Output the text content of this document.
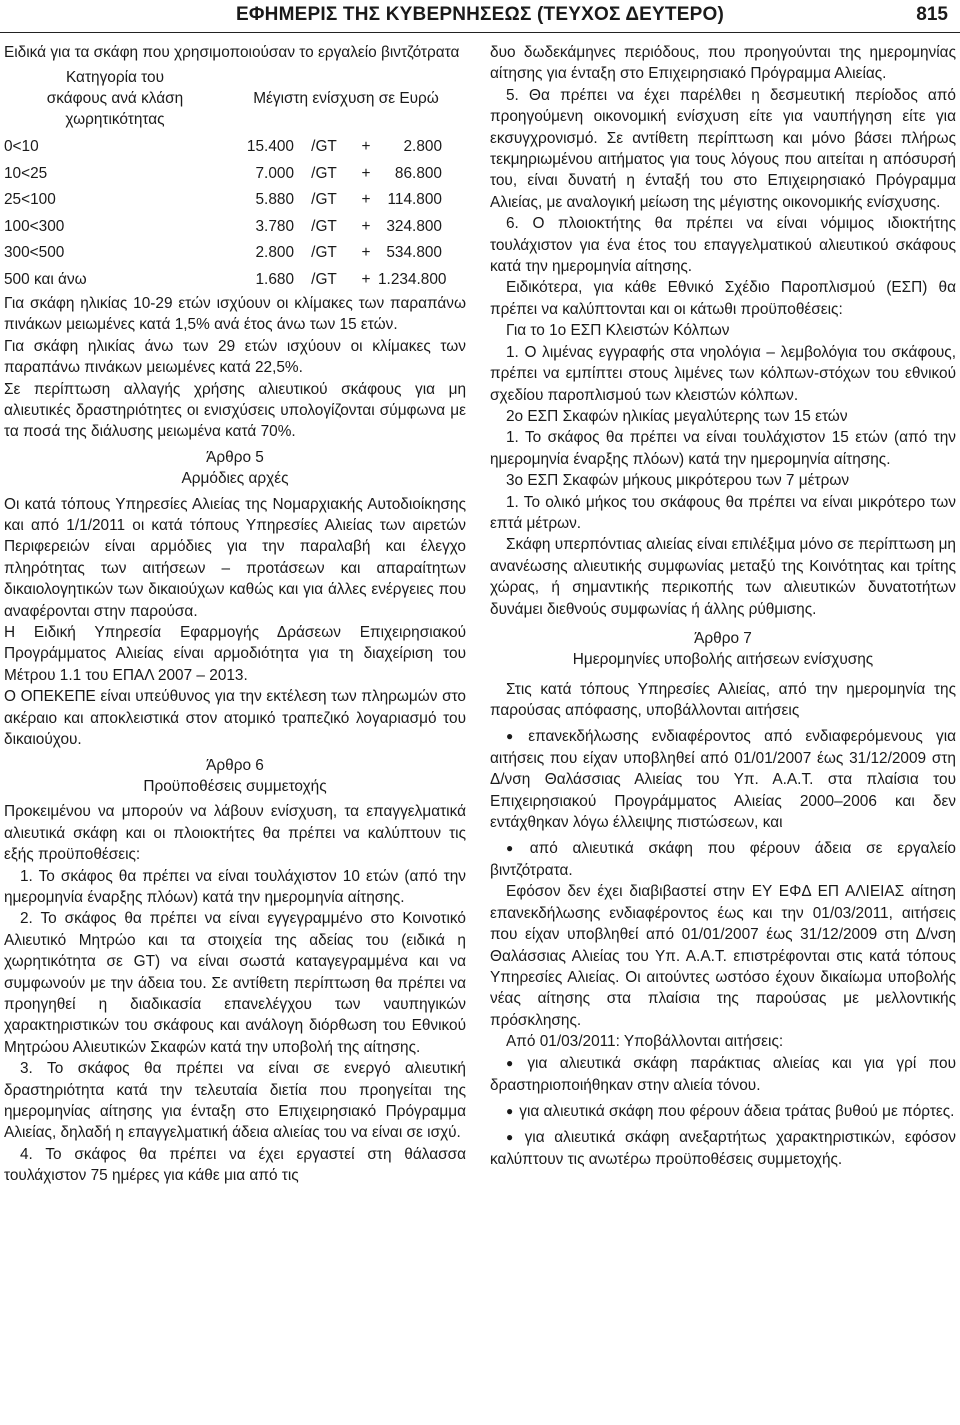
ΕΦΗΜΕΡΙΣ ΤΗΣ ΚΥΒΕΡΝΗΣΕΩΣ (ΤΕΥΧΟΣ ΔΕΥΤΕΡΟ)	815

Ειδικά για τα σκάφη που χρησιμοποιούσαν το εργαλείο βιντζότρατα

Κατηγορία του
σκάφους ανά κλάση
χωρητικότητας
Μέγιστη ενίσχυση σε Ευρώ
0<10	15.400	/GT	+	2.800
10<25	7.000	/GT	+	86.800
25<100	5.880	/GT	+	114.800
100<300	3.780	/GT	+	324.800
300<500	2.800	/GT	+	534.800
500 και άνω	1.680	/GT	+ 1.234.800

Για σκάφη ηλικίας 10-29 ετών ισχύουν οι κλίμακες των παραπάνω πινάκων μειωμένες κατά 1,5% ανά έτος άνω των 15 ετών.

Για σκάφη ηλικίας άνω των 29 ετών ισχύουν οι κλίμακες των παραπάνω πινάκων μειωμένες κατά 22,5%.

Σε περίπτωση αλλαγής χρήσης αλιευτικού σκάφους για μη αλιευτικές δραστηριότητες οι ενισχύσεις υπολογίζονται σύμφωνα με τα ποσά της διάλυσης μειωμένα κατά 70%.

Άρθρο 5

Αρμόδιες αρχές

Οι κατά τόπους Υπηρεσίες Αλιείας της Νομαρχιακής Αυτοδιοίκησης και από 1/1/2011 οι κατά τόπους Υπηρεσίες Αλιείας των αιρετών Περιφερειών είναι αρμόδιες για την παραλαβή και έλεγχο πληρότητας των αιτήσεων – προτάσεων και απαραίτητων δικαιολογητικών των δικαιούχων καθώς και για άλλες ενέργειες που αναφέρονται στην παρούσα.

Η Ειδική Υπηρεσία Εφαρμογής Δράσεων Επιχειρησιακού Προγράμματος Αλιείας είναι αρμοδιότητα για τη διαχείριση του Μέτρου 1.1 του ΕΠΑΛ 2007 – 2013.

Ο ΟΠΕΚΕΠΕ είναι υπεύθυνος για την εκτέλεση των πληρωμών στο ακέραιο και αποκλειστικά στον ατομικό τραπεζικό λογαριασμό του δικαιούχου.

Άρθρο 6

Προϋποθέσεις συμμετοχής

Προκειμένου να μπορούν να λάβουν ενίσχυση, τα επαγγελματικά αλιευτικά σκάφη και οι πλοιοκτήτες θα πρέπει να καλύπτουν τις εξής προϋποθέσεις:

1. Το σκάφος θα πρέπει να είναι τουλάχιστον 10 ετών (από την ημερομηνία έναρξης πλόων) κατά την ημερομηνία αίτησης.

2. Το σκάφος θα πρέπει να είναι εγγεγραμμένο στο Κοινοτικό Αλιευτικό Μητρώο και τα στοιχεία της αδείας του (ειδικά η χωρητικότητα σε GT) να είναι σωστά καταγεγραμμένα και να συμφωνούν με την άδεια του. Σε αντίθετη περίπτωση θα πρέπει να προηγηθεί η διαδικασία επανελέγχου των ναυπηγικών χαρακτηριστικών του σκάφους και ανάλογη διόρθωση του Εθνικού Μητρώου Αλιευτικών Σκαφών κατά την υποβολή της αίτησης.

3. Το σκάφος θα πρέπει να είναι σε ενεργό αλιευτική δραστηριότητα κατά την τελευταία διετία που προηγείται της ημερομηνίας αίτησης για ένταξη στο Επιχειρησιακό Πρόγραμμα Αλιείας, δηλαδή η επαγγελματική άδεια αλιείας του να είναι σε ισχύ.

4. Το σκάφος θα πρέπει να έχει εργαστεί στη θάλασσα τουλάχιστον 75 ημέρες για κάθε μια από τις

δυο δωδεκάμηνες περιόδους, που προηγούνται της ημερομηνίας αίτησης για ένταξη στο Επιχειρησιακό Πρόγραμμα Αλιείας.

5. Θα πρέπει να έχει παρέλθει η δεσμευτική περίοδος από προηγούμενη οικονομική ενίσχυση είτε για ναυπήγηση είτε για εκσυγχρονισμό. Σε αντίθετη περίπτωση και μόνο βάσει πλήρως τεκμηριωμένου αιτήματος για τους λόγους που αιτείται η απόσυρσή του, είναι δυνατή η ένταξή του στο Επιχειρησιακό Πρόγραμμα Αλιείας, με αναλογική μείωση της μέγιστης οικονομικής ενίσχυσης.

6. Ο πλοιοκτήτης θα πρέπει να είναι νόμιμος ιδιοκτήτης τουλάχιστον για ένα έτος του επαγγελματικού αλιευτικού σκάφους κατά την ημερομηνία αίτησης.

Ειδικότερα, για κάθε Εθνικό Σχέδιο Παροπλισμού (ΕΣΠ) θα πρέπει να καλύπτονται και οι κάτωθι προϋποθέσεις:

Για το 1ο ΕΣΠ Κλειστών Κόλπων

1. Ο λιμένας εγγραφής στα νηολόγια – λεμβολόγια του σκάφους, πρέπει να εμπίπτει στους λιμένες των κόλπων-στόχων του εθνικού σχεδίου παροπλισμού των κλειστών κόλπων.

2ο ΕΣΠ Σκαφών ηλικίας μεγαλύτερης των 15 ετών

1. Το σκάφος θα πρέπει να είναι τουλάχιστον 15 ετών (από την ημερομηνία έναρξης πλόων) κατά την ημερομηνία αίτησης.

3ο ΕΣΠ Σκαφών μήκους μικρότερου των 7 μέτρων

1. Το ολικό μήκος του σκάφους θα πρέπει να είναι μικρότερο των επτά μέτρων.

Σκάφη υπερπόντιας αλιείας είναι επιλέξιμα μόνο σε περίπτωση μη ανανέωσης αλιευτικής συμφωνίας μεταξύ της Κοινότητας και τρίτης χώρας, ή σημαντικής περικοπής των αλιευτικών δυνατοτήτων δυνάμει διεθνούς συμφωνίας ή άλλης ρύθμισης.

Άρθρο 7

Ημερομηνίες υποβολής αιτήσεων ενίσχυσης

Στις κατά τόπους Υπηρεσίες Αλιείας, από την ημερομηνία της παρούσας απόφασης, υποβάλλονται αιτήσεις

● επανεκδήλωσης ενδιαφέροντος από ενδιαφερόμενους για αιτήσεις που είχαν υποβληθεί από 01/01/2007 έως 31/12/2009 στη Δ/νση Θαλάσσιας Αλιείας του Υπ. Α.Α.Τ. στα πλαίσια του Επιχειρησιακού Προγράμματος Αλιείας 2000–2006 και δεν εντάχθηκαν λόγω έλλειψης πιστώσεων, και

● από αλιευτικά σκάφη που φέρουν άδεια σε εργαλείο βιντζότρατα.

Εφόσον δεν έχει διαβιβαστεί στην ΕΥ ΕΦΔ ΕΠ ΑΛΙΕΙΑΣ αίτηση επανεκδήλωσης ενδιαφέροντος έως και την 01/03/2011, αιτήσεις που είχαν υποβληθεί από 01/01/2007 έως 31/12/2009 στη Δ/νση Θαλάσσιας Αλιείας του Υπ. Α.Α.Τ. επιστρέφονται στις κατά τόπους Υπηρεσίες Αλιείας. Οι αιτούντες ωστόσο έχουν δικαίωμα υποβολής νέας αίτησης στα πλαίσια της παρούσας με μελλοντικής πρόσκλησης.

Από 01/03/2011: Υποβάλλονται αιτήσεις:

● για αλιευτικά σκάφη παράκτιας αλιείας και για γρί που δραστηριοποιήθηκαν στην αλιεία τόνου.

● για αλιευτικά σκάφη που φέρουν άδεια τράτας βυθού με πόρτες.

● για αλιευτικά σκάφη ανεξαρτήτως χαρακτηριστικών, εφόσον καλύπτουν τις ανωτέρω προϋποθέσεις συμμετοχής.
